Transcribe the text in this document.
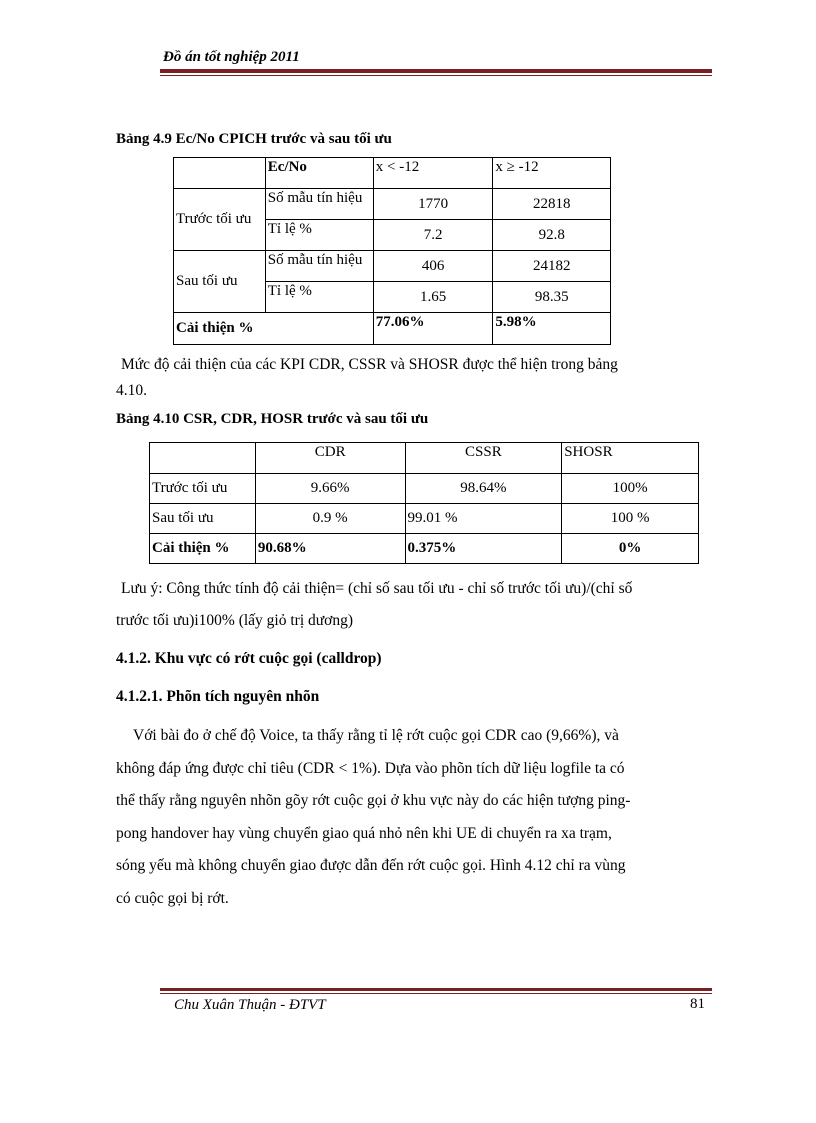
Đồ án tốt nghiệp 2011
Bảng 4.9 Ec/No CPICH trước và sau tối ưu
	Ec/No	x < -12	x ≥ -12
Trước tối ưu	Số mẫu tín hiệu	1770	22818
	Tỉ lệ %	7.2	92.8
Sau tối ưu	Số mẫu tín hiệu	406	24182
	Tỉ lệ %	1.65	98.35
Cải thiện %		77.06%	5.98%
Mức độ cải thiện của các KPI CDR, CSSR và SHOSR được thể hiện trong bảng
4.10.
Bảng 4.10 CSR, CDR, HOSR trước và sau tối ưu
	CDR	CSSR	SHOSR
Trước tối ưu	9.66%	98.64%	100%
Sau tối ưu	0.9 %	99.01 %	100 %
Cải thiện %	90.68%	0.375%	0%
Lưu ý: Công thức tính độ cải thiện= (chỉ số sau tối ưu - chỉ số trước tối ưu)/(chỉ số
trước tối ưu)i100% (lấy giỏ trị dương)
4.1.2. Khu vực có rớt cuộc gọi (calldrop)
4.1.2.1. Phõn tích nguyên nhõn
Với bài đo ở chế độ Voice, ta thấy rằng tỉ lệ rớt cuộc gọi CDR cao (9,66%), và
không đáp ứng được chỉ tiêu (CDR < 1%). Dựa vào phõn tích dữ liệu logfile ta có
thể thấy rằng nguyên nhõn gõy rớt cuộc gọi ở khu vực này do các hiện tượng ping-
pong handover hay vùng chuyển giao quá nhỏ nên khi UE di chuyển ra xa trạm,
sóng yếu mà không chuyển giao được dẫn đến rớt cuộc gọi. Hình 4.12 chỉ ra vùng
có cuộc gọi bị rớt.
Chu Xuân Thuận - ĐTVT	81
